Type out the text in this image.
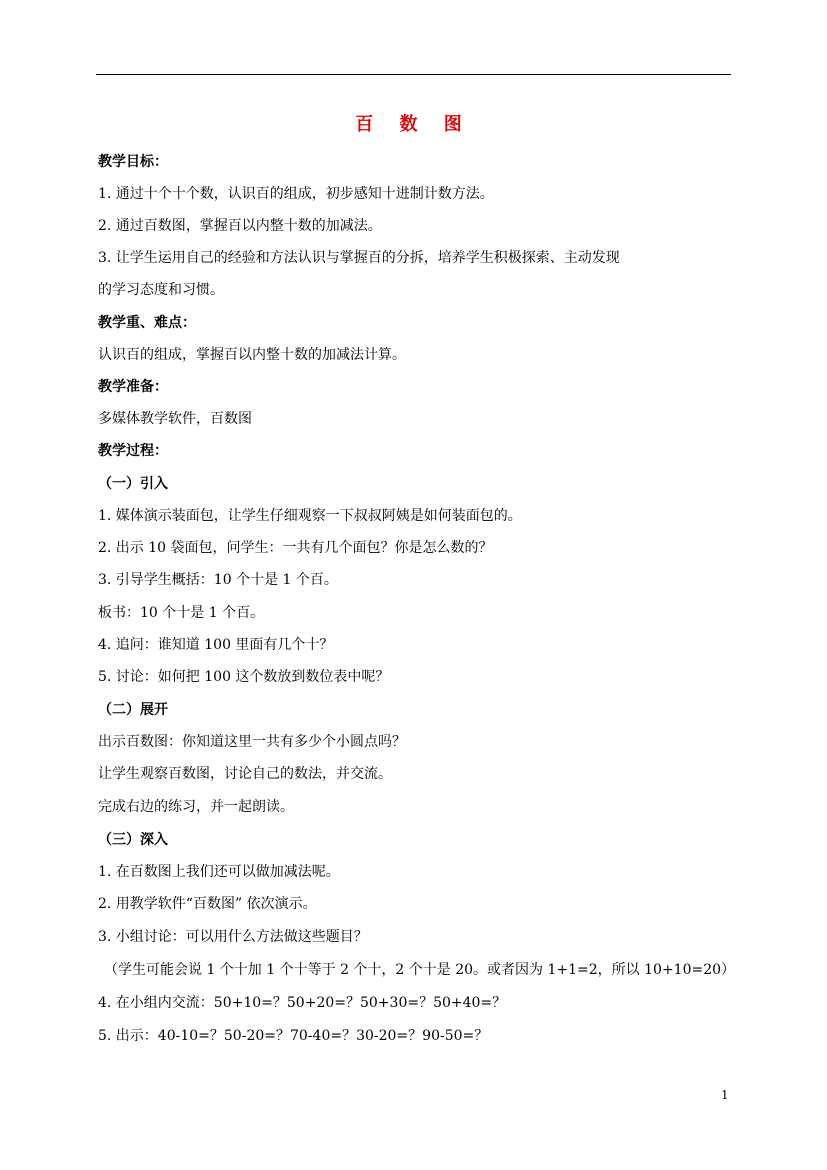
百 数 图
教学目标：
1. 通过十个十个数，认识百的组成，初步感知十进制计数方法。
2. 通过百数图，掌握百以内整十数的加减法。
3. 让学生运用自己的经验和方法认识与掌握百的分拆，培养学生积极探索、主动发现
的学习态度和习惯。
教学重、难点：
认识百的组成，掌握百以内整十数的加减法计算。
教学准备：
多媒体教学软件，百数图
教学过程：
（一）引入
1. 媒体演示装面包，让学生仔细观察一下叔叔阿姨是如何装面包的。
2. 出示 10 袋面包，问学生：一共有几个面包？你是怎么数的？
3. 引导学生概括：10 个十是 1 个百。
板书：10 个十是 1 个百。
4. 追问：谁知道 100 里面有几个十？
5. 讨论：如何把 100 这个数放到数位表中呢？
（二）展开
出示百数图：你知道这里一共有多少个小圆点吗？
让学生观察百数图，讨论自己的数法，并交流。
完成右边的练习，并一起朗读。
（三）深入
1. 在百数图上我们还可以做加减法呢。
2. 用教学软件“百数图” 依次演示。
3. 小组讨论：可以用什么方法做这些题目？
（学生可能会说 1 个十加 1 个十等于 2 个十，2 个十是 20。或者因为 1+1=2，所以 10+10=20）
4. 在小组内交流：50+10=？50+20=？50+30=？50+40=？
5. 出示：40-10=？50-20=？70-40=？30-20=？90-50=？
1
